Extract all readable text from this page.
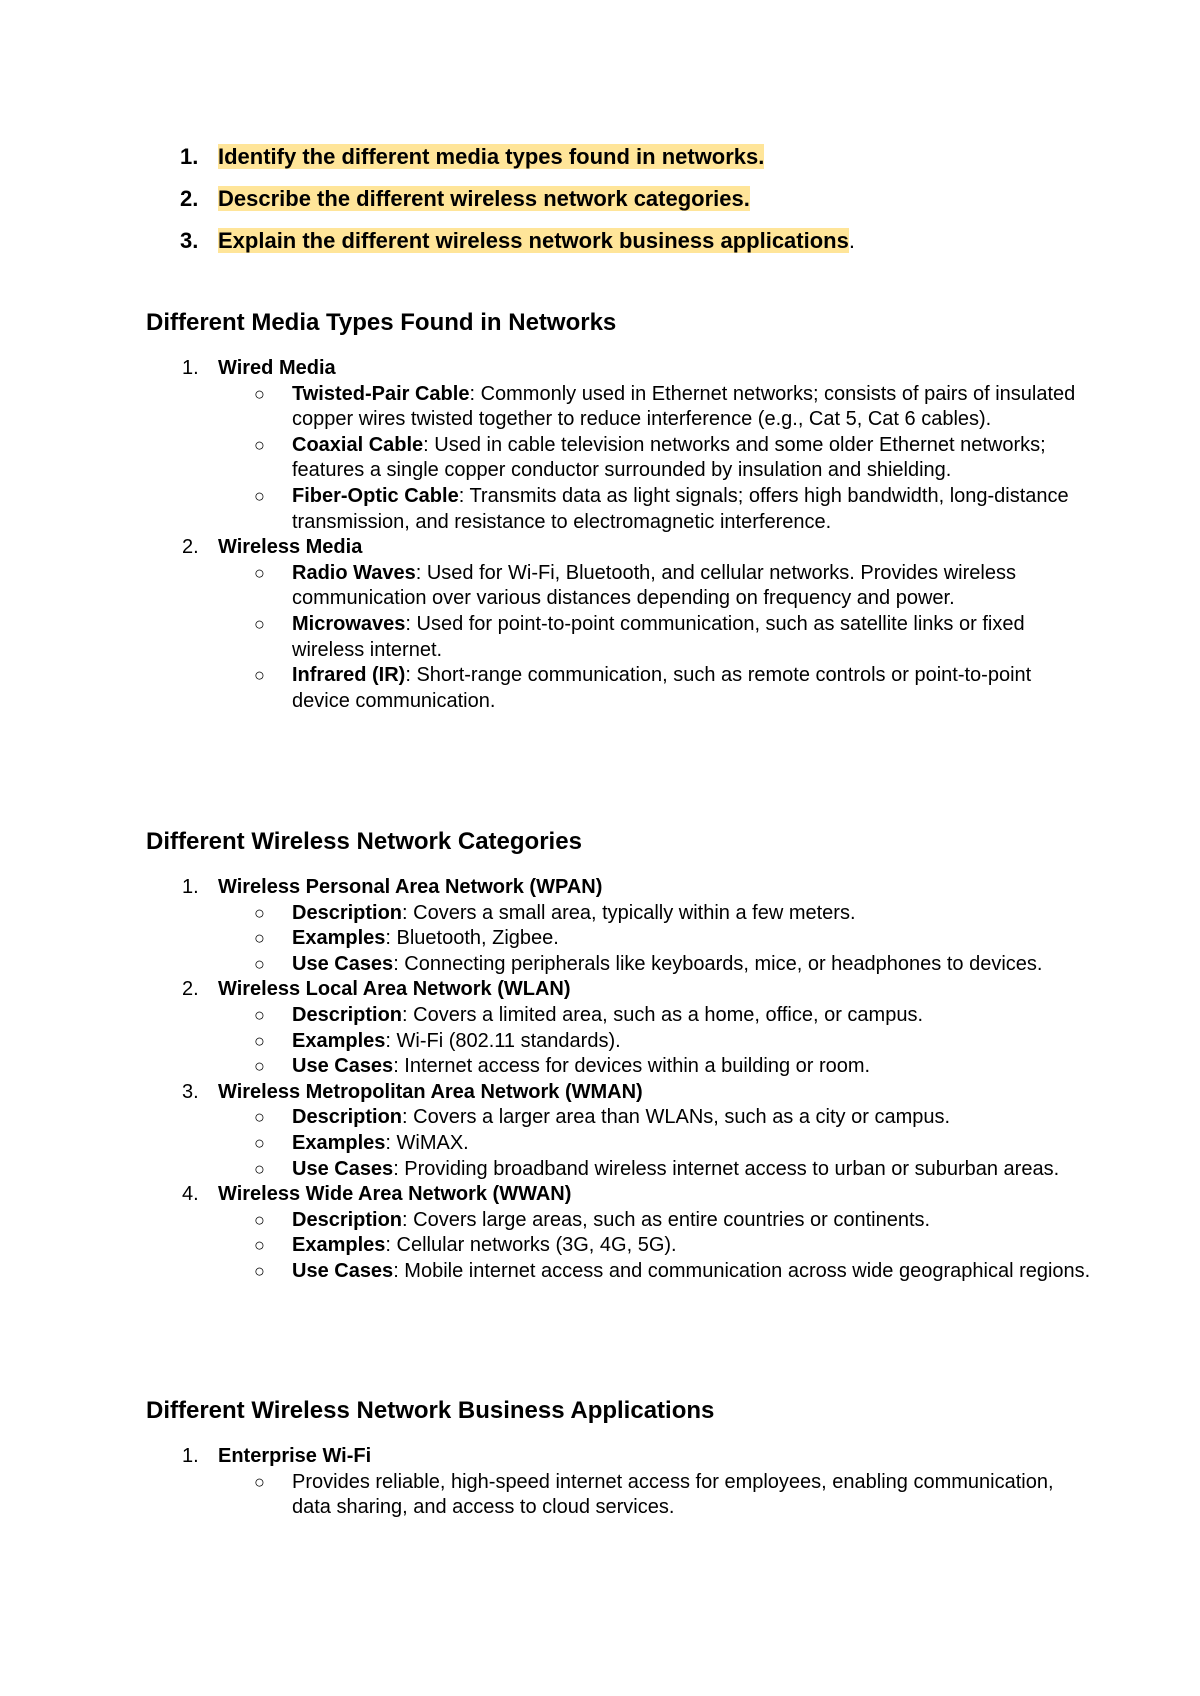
1. Identify the different media types found in networks.
2. Describe the different wireless network categories.
3. Explain the different wireless network business applications.
Different Media Types Found in Networks
1. Wired Media
○ Twisted-Pair Cable: Commonly used in Ethernet networks; consists of pairs of insulated copper wires twisted together to reduce interference (e.g., Cat 5, Cat 6 cables).
○ Coaxial Cable: Used in cable television networks and some older Ethernet networks; features a single copper conductor surrounded by insulation and shielding.
○ Fiber-Optic Cable: Transmits data as light signals; offers high bandwidth, long-distance transmission, and resistance to electromagnetic interference.
2. Wireless Media
○ Radio Waves: Used for Wi-Fi, Bluetooth, and cellular networks. Provides wireless communication over various distances depending on frequency and power.
○ Microwaves: Used for point-to-point communication, such as satellite links or fixed wireless internet.
○ Infrared (IR): Short-range communication, such as remote controls or point-to-point device communication.
Different Wireless Network Categories
1. Wireless Personal Area Network (WPAN)
○ Description: Covers a small area, typically within a few meters.
○ Examples: Bluetooth, Zigbee.
○ Use Cases: Connecting peripherals like keyboards, mice, or headphones to devices.
2. Wireless Local Area Network (WLAN)
○ Description: Covers a limited area, such as a home, office, or campus.
○ Examples: Wi-Fi (802.11 standards).
○ Use Cases: Internet access for devices within a building or room.
3. Wireless Metropolitan Area Network (WMAN)
○ Description: Covers a larger area than WLANs, such as a city or campus.
○ Examples: WiMAX.
○ Use Cases: Providing broadband wireless internet access to urban or suburban areas.
4. Wireless Wide Area Network (WWAN)
○ Description: Covers large areas, such as entire countries or continents.
○ Examples: Cellular networks (3G, 4G, 5G).
○ Use Cases: Mobile internet access and communication across wide geographical regions.
Different Wireless Network Business Applications
1. Enterprise Wi-Fi
○ Provides reliable, high-speed internet access for employees, enabling communication, data sharing, and access to cloud services.
